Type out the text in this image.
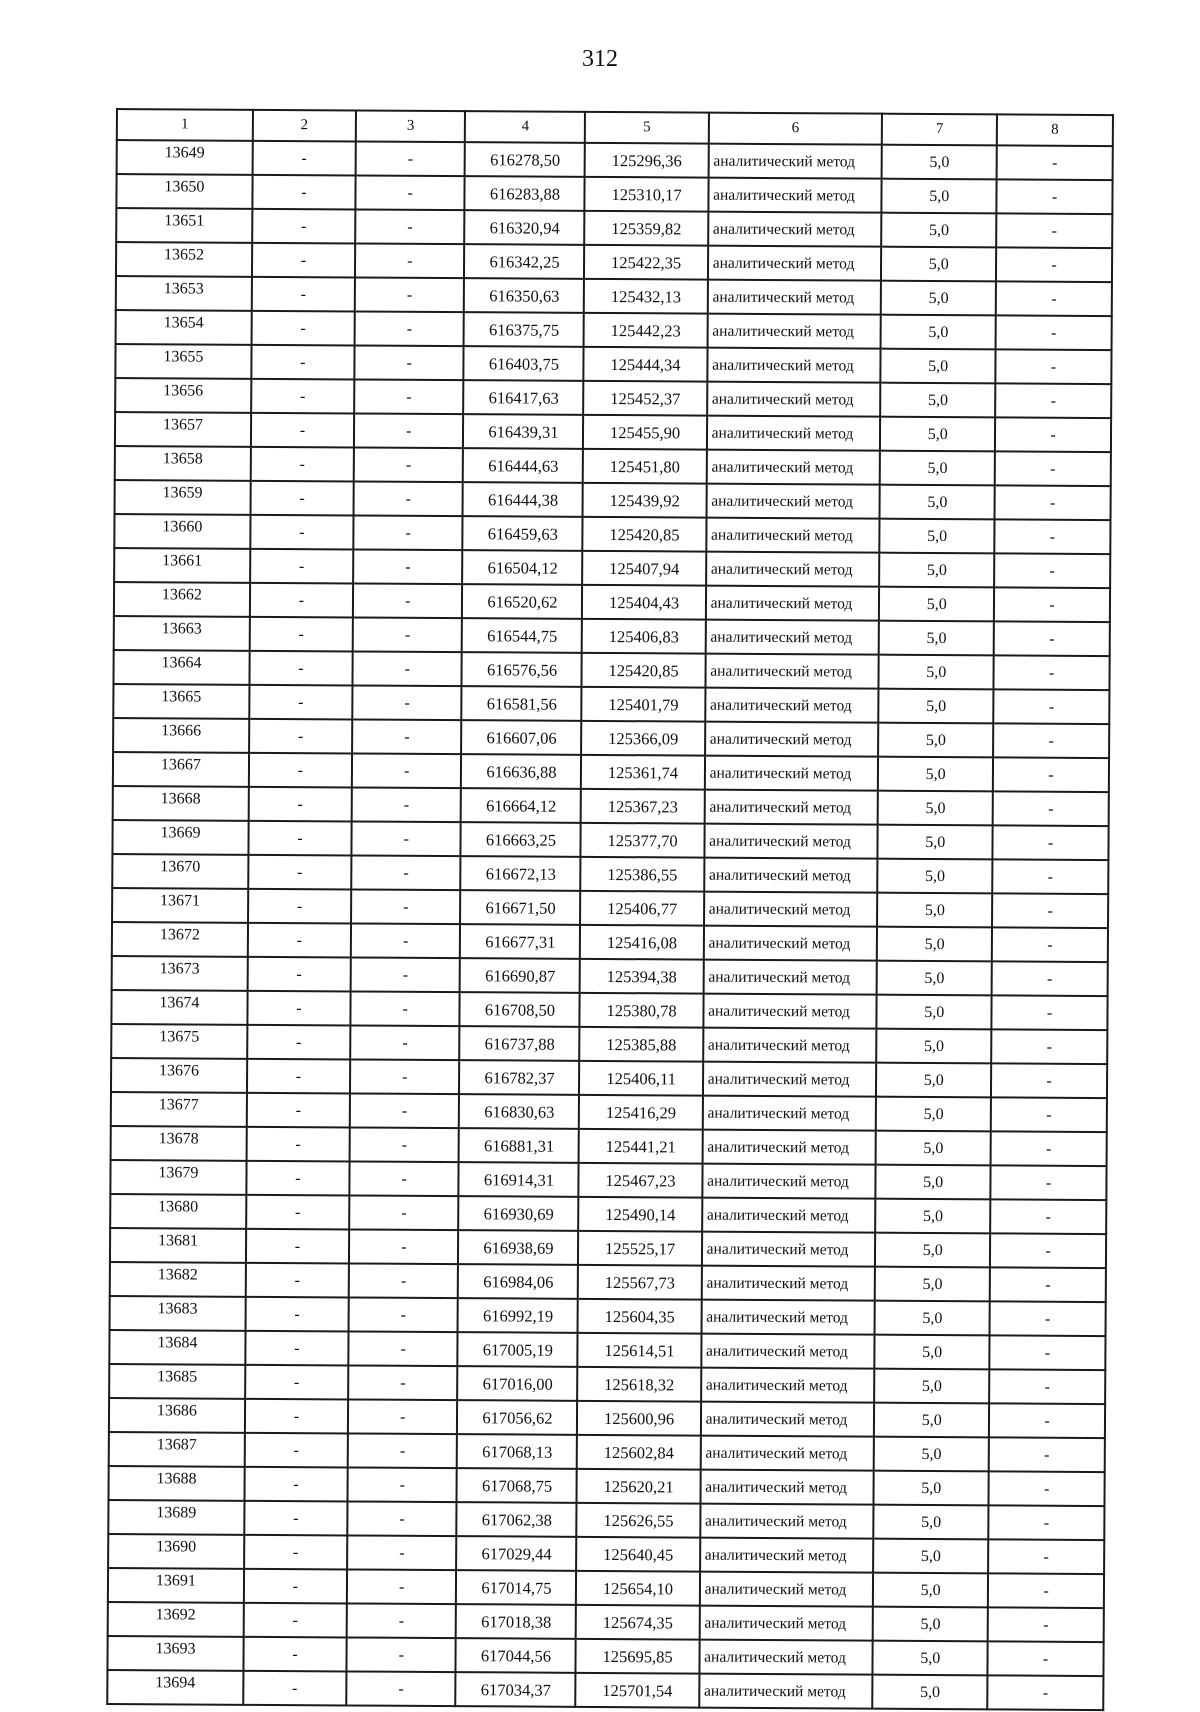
312
1	2	3	4	5	6	7	8
13649	-	-	616278,50	125296,36	аналитический метод	5,0	-
13650	-	-	616283,88	125310,17	аналитический метод	5,0	-
13651	-	-	616320,94	125359,82	аналитический метод	5,0	-
13652	-	-	616342,25	125422,35	аналитический метод	5,0	-
13653	-	-	616350,63	125432,13	аналитический метод	5,0	-
13654	-	-	616375,75	125442,23	аналитический метод	5,0	-
13655	-	-	616403,75	125444,34	аналитический метод	5,0	-
13656	-	-	616417,63	125452,37	аналитический метод	5,0	-
13657	-	-	616439,31	125455,90	аналитический метод	5,0	-
13658	-	-	616444,63	125451,80	аналитический метод	5,0	-
13659	-	-	616444,38	125439,92	аналитический метод	5,0	-
13660	-	-	616459,63	125420,85	аналитический метод	5,0	-
13661	-	-	616504,12	125407,94	аналитический метод	5,0	-
13662	-	-	616520,62	125404,43	аналитический метод	5,0	-
13663	-	-	616544,75	125406,83	аналитический метод	5,0	-
13664	-	-	616576,56	125420,85	аналитический метод	5,0	-
13665	-	-	616581,56	125401,79	аналитический метод	5,0	-
13666	-	-	616607,06	125366,09	аналитический метод	5,0	-
13667	-	-	616636,88	125361,74	аналитический метод	5,0	-
13668	-	-	616664,12	125367,23	аналитический метод	5,0	-
13669	-	-	616663,25	125377,70	аналитический метод	5,0	-
13670	-	-	616672,13	125386,55	аналитический метод	5,0	-
13671	-	-	616671,50	125406,77	аналитический метод	5,0	-
13672	-	-	616677,31	125416,08	аналитический метод	5,0	-
13673	-	-	616690,87	125394,38	аналитический метод	5,0	-
13674	-	-	616708,50	125380,78	аналитический метод	5,0	-
13675	-	-	616737,88	125385,88	аналитический метод	5,0	-
13676	-	-	616782,37	125406,11	аналитический метод	5,0	-
13677	-	-	616830,63	125416,29	аналитический метод	5,0	-
13678	-	-	616881,31	125441,21	аналитический метод	5,0	-
13679	-	-	616914,31	125467,23	аналитический метод	5,0	-
13680	-	-	616930,69	125490,14	аналитический метод	5,0	-
13681	-	-	616938,69	125525,17	аналитический метод	5,0	-
13682	-	-	616984,06	125567,73	аналитический метод	5,0	-
13683	-	-	616992,19	125604,35	аналитический метод	5,0	-
13684	-	-	617005,19	125614,51	аналитический метод	5,0	-
13685	-	-	617016,00	125618,32	аналитический метод	5,0	-
13686	-	-	617056,62	125600,96	аналитический метод	5,0	-
13687	-	-	617068,13	125602,84	аналитический метод	5,0	-
13688	-	-	617068,75	125620,21	аналитический метод	5,0	-
13689	-	-	617062,38	125626,55	аналитический метод	5,0	-
13690	-	-	617029,44	125640,45	аналитический метод	5,0	-
13691	-	-	617014,75	125654,10	аналитический метод	5,0	-
13692	-	-	617018,38	125674,35	аналитический метод	5,0	-
13693	-	-	617044,56	125695,85	аналитический метод	5,0	-
13694	-	-	617034,37	125701,54	аналитический метод	5,0	-
